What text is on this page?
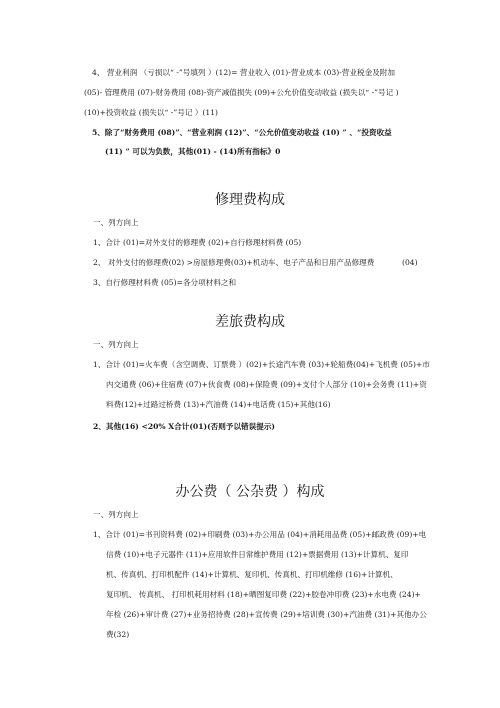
4、 营业利润 （亏损以“ -”号填列 ）(12)= 营业收入 (01)-营业成本 (03)-营业税金及附加
(05)- 管理费用 (07)-财务费用 (08)-资产减值损失 (09)+公允价值变动收益 (损失以“ -”号记 )
(10)+投资收益 (损失以“ -”号记 ）(11)
5、除了“财务费用 (08)”、“营业利润 (12)”、“公允价值变动收益 (10) ” 、“投资收益
(11) ” 可以为负数，其他(01) - (14)所有指标》0
修理费构成
一、列方向上
1、合计 (01)=对外支付的修理费 (02)+自行修理材料费 (05)
2、 对外支付的修理费(02) >房屋修理费(03)+机动车、电子产品和日用产品修理费	(04)
3、自行修理材料费 (05)=各分项材料之和
差旅费构成
一、列方向上
1、合计 (01)=火车费（含空调费、订票费 ）(02)+长途汽车费 (03)+轮船费(04)+飞机费 (05)+市
内交通费 (06)+住宿费 (07)+伙食费 (08)+保险费 (09)+支付个人部分 (10)+会务费 (11)+资
料费(12)+过路过桥费 (13)+汽油费 (14)+电话费 (15)+其他(16)
2、其他(16) <20% X合计(01)(否则予以错误提示)
办公费（ 公杂费 ）构成
一、列方向上
1、合计 (01)=书刊资料费 (02)+印刷费 (03)+办公用品 (04)+消耗用品费 (05)+邮政费 (09)+电
信费 (10)+电子元器件 (11)+应用软件日常维护费用 (12)+票据费用 (13)+计算机、复印
机、传真机、打印机配件 (14)+计算机、复印机、传真机、打印机维修 (16)+计算机、
复印机、 传真机、 打印机耗用材料 (18)+晒图复印费 (22)+胶卷冲印费 (23)+水电费 (24)+
年检 (26)+审计费 (27)+业务招待费 (28)+宣传费 (29)+培训费 (30)+汽油费 (31)+其他办公
费(32)
